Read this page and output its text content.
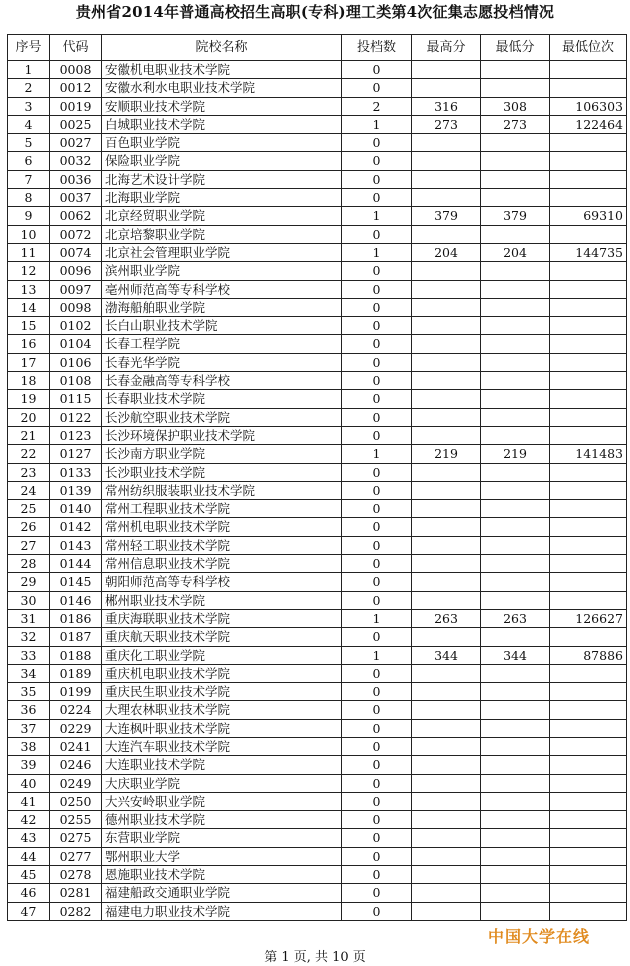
贵州省2014年普通高校招生高职(专科)理工类第4次征集志愿投档情况
序号	代码	院校名称	投档数	最高分	最低分	最低位次
1	0008	安徽机电职业技术学院	0			
2	0012	安徽水利水电职业技术学院	0			
3	0019	安顺职业技术学院	2	316	308	106303
4	0025	白城职业技术学院	1	273	273	122464
5	0027	百色职业学院	0			
6	0032	保险职业学院	0			
7	0036	北海艺术设计学院	0			
8	0037	北海职业学院	0			
9	0062	北京经贸职业学院	1	379	379	69310
10	0072	北京培黎职业学院	0			
11	0074	北京社会管理职业学院	1	204	204	144735
12	0096	滨州职业学院	0			
13	0097	亳州师范高等专科学校	0			
14	0098	渤海船舶职业学院	0			
15	0102	长白山职业技术学院	0			
16	0104	长春工程学院	0			
17	0106	长春光华学院	0			
18	0108	长春金融高等专科学校	0			
19	0115	长春职业技术学院	0			
20	0122	长沙航空职业技术学院	0			
21	0123	长沙环境保护职业技术学院	0			
22	0127	长沙南方职业学院	1	219	219	141483
23	0133	长沙职业技术学院	0			
24	0139	常州纺织服装职业技术学院	0			
25	0140	常州工程职业技术学院	0			
26	0142	常州机电职业技术学院	0			
27	0143	常州轻工职业技术学院	0			
28	0144	常州信息职业技术学院	0			
29	0145	朝阳师范高等专科学校	0			
30	0146	郴州职业技术学院	0			
31	0186	重庆海联职业技术学院	1	263	263	126627
32	0187	重庆航天职业技术学院	0			
33	0188	重庆化工职业学院	1	344	344	87886
34	0189	重庆机电职业技术学院	0			
35	0199	重庆民生职业技术学院	0			
36	0224	大理农林职业技术学院	0			
37	0229	大连枫叶职业技术学院	0			
38	0241	大连汽车职业技术学院	0			
39	0246	大连职业技术学院	0			
40	0249	大庆职业学院	0			
41	0250	大兴安岭职业学院	0			
42	0255	德州职业技术学院	0			
43	0275	东营职业学院	0			
44	0277	鄂州职业大学	0			
45	0278	恩施职业技术学院	0			
46	0281	福建船政交通职业学院	0			
47	0282	福建电力职业技术学院	0			
第 1 页, 共 10 页
中国大学在线
